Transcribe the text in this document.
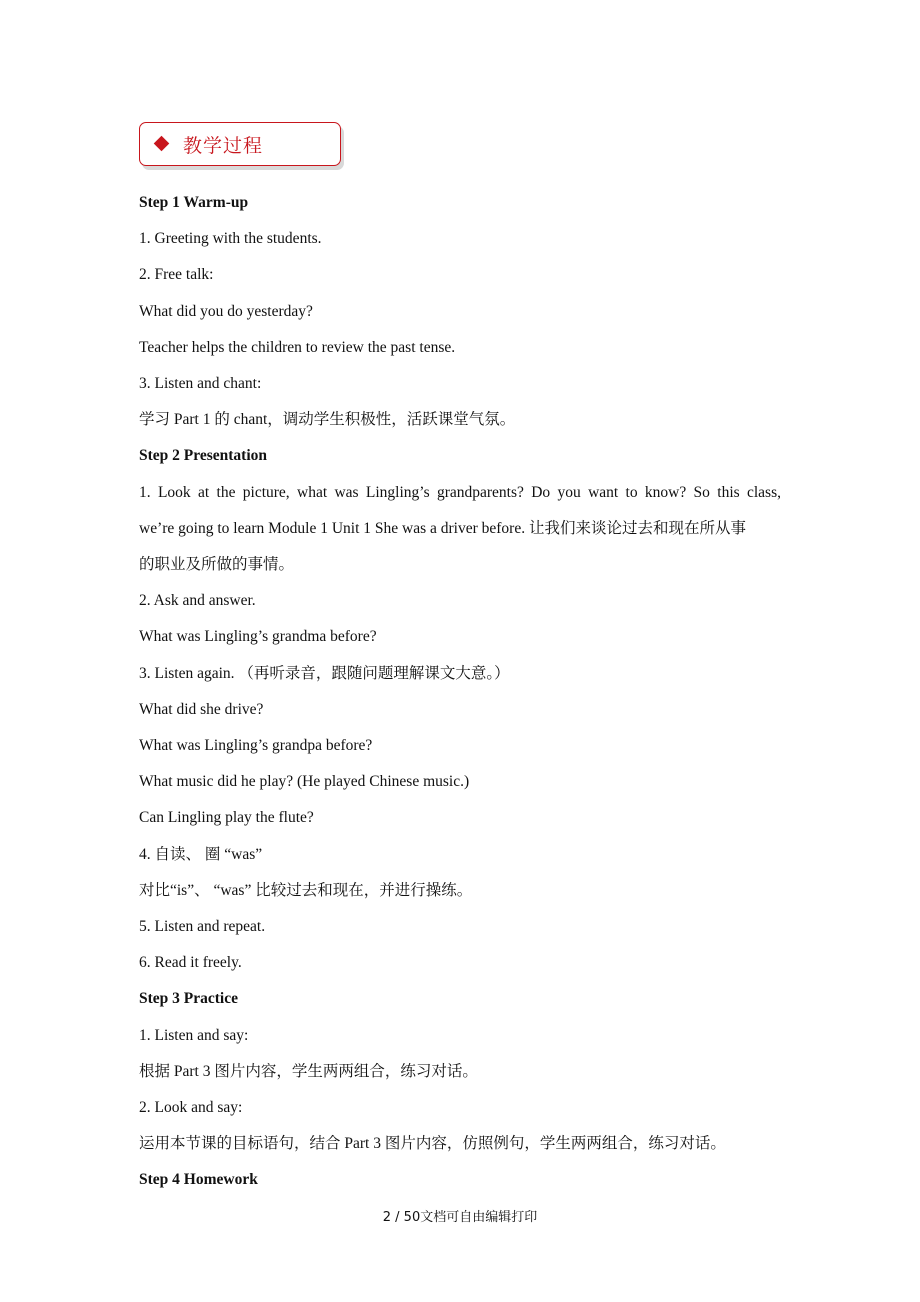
教学过程
Step 1 Warm-up
1. Greeting with the students.
2. Free talk:
What did you do yesterday?
Teacher helps the children to review the past tense.
3. Listen and chant:
学习 Part 1 的 chant，调动学生积极性，活跃课堂气氛。
Step 2 Presentation
1. Look at the picture, what was Lingling’s grandparents? Do you want to know? So this class,
we’re going to learn Module 1 Unit 1 She was a driver before. 让我们来谈论过去和现在所从事
的职业及所做的事情。
2. Ask and answer.
What was Lingling’s grandma before?
3. Listen again. （再听录音，跟随问题理解课文大意。）
What did she drive?
What was Lingling’s grandpa before?
What music did he play? (He played Chinese music.)
Can Lingling play the flute?
4. 自读、 圈 “was”
对比“is”、 “was” 比较过去和现在，并进行操练。
5. Listen and repeat.
6. Read it freely.
Step 3 Practice
1. Listen and say:
根据 Part 3 图片内容，学生两两组合，练习对话。
2. Look and say:
运用本节课的目标语句，结合 Part 3 图片内容，仿照例句，学生两两组合，练习对话。
Step 4 Homework
2 / 50文档可自由编辑打印
